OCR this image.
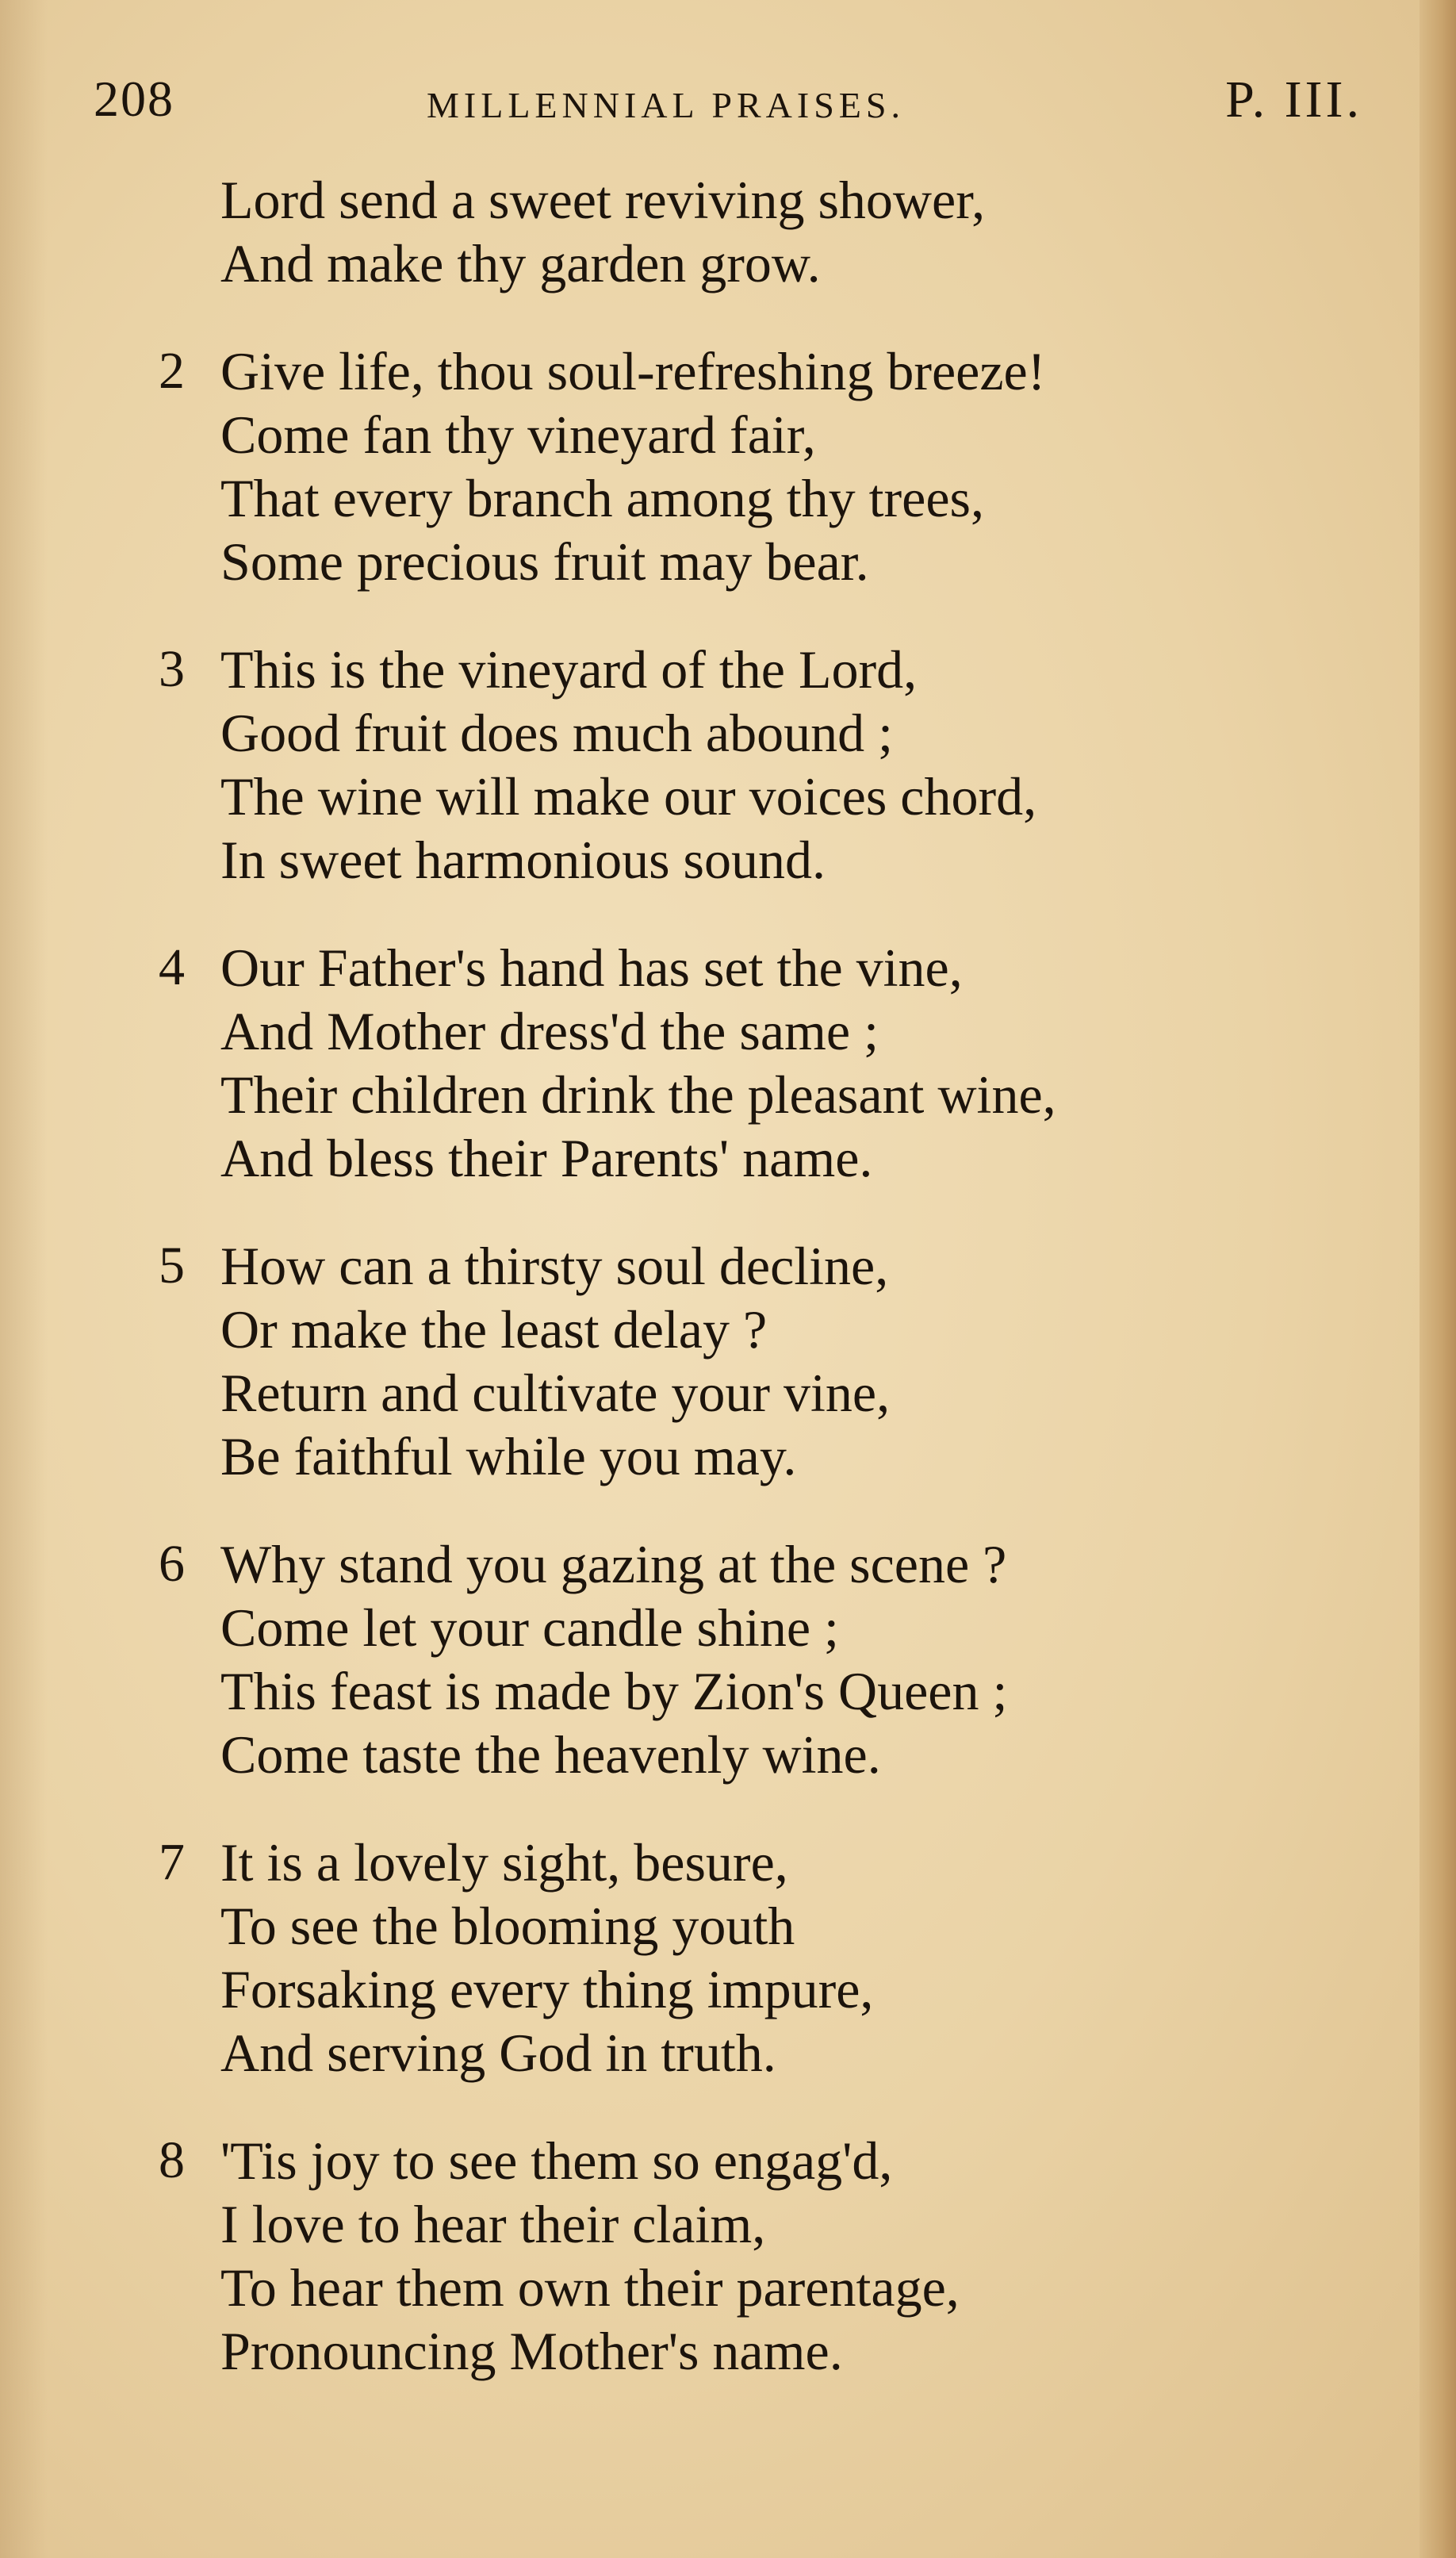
208	MILLENNIAL PRAISES.	P. III.
Lord send a sweet reviving shower,
And make thy garden grow.
2 Give life, thou soul-refreshing breeze!
Come fan thy vineyard fair,
That every branch among thy trees,
Some precious fruit may bear.
3 This is the vineyard of the Lord,
Good fruit does much abound ;
The wine will make our voices chord,
In sweet harmonious sound.
4 Our Father's hand has set the vine,
And Mother dress'd the same ;
Their children drink the pleasant wine,
And bless their Parents' name.
5 How can a thirsty soul decline,
Or make the least delay ?
Return and cultivate your vine,
Be faithful while you may.
6 Why stand you gazing at the scene ?
Come let your candle shine ;
This feast is made by Zion's Queen ;
Come taste the heavenly wine.
7 It is a lovely sight, besure,
To see the blooming youth
Forsaking every thing impure,
And serving God in truth.
8 'Tis joy to see them so engag'd,
I love to hear their claim,
To hear them own their parentage,
Pronouncing Mother's name.
